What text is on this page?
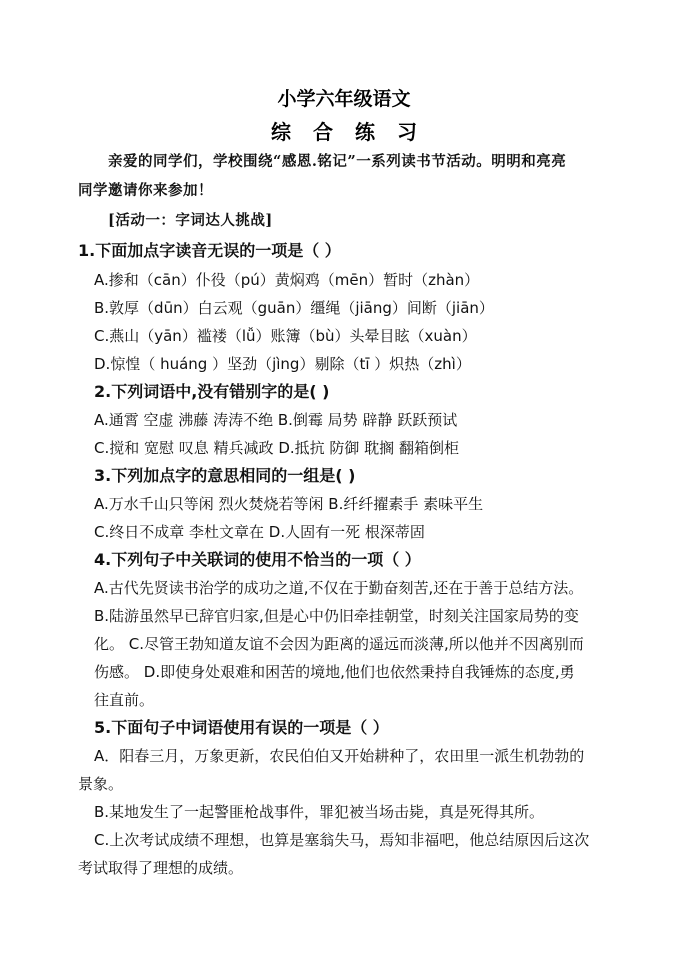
小学六年级语文
综合练习
亲爱的同学们，学校围绕“感恩.铭记”一系列读书节活动。明明和亮亮
同学邀请你来参加！
[活动一：字词达人挑战]
1.下面加点字读音无误的一项是（ ）
A.掺和（cān）仆役（pú）黄焖鸡（mēn）暂时（zhàn）
B.敦厚（dūn）白云观（guān）缰绳（jiāng）间断（jiān）
C.燕山（yān）褴褛（lǚ）账簿（bù）头晕目眩（xuàn）
D.惊惶（ huáng ）坚劲（jìng）剔除（tī ）炽热（zhì）
2.下列词语中,没有错别字的是( )
A.通霄 空虚 沸藤 涛涛不绝 B.倒霉 局势 辟静 跃跃预试
C.搅和 宽慰 叹息 精兵减政 D.抵抗 防御 耽搁 翻箱倒柜
3.下列加点字的意思相同的一组是( )
A.万水千山只等闲 烈火焚烧若等闲 B.纤纤擢素手 素味平生
C.终日不成章 李杜文章在 D.人固有一死 根深蒂固
4.下列句子中关联词的使用不恰当的一项（ ）
A.古代先贤读书治学的成功之道,不仅在于勤奋刻苦,还在于善于总结方法。
B.陆游虽然早已辞官归家,但是心中仍旧牵挂朝堂，时刻关注国家局势的变
化。 C.尽管王勃知道友谊不会因为距离的遥远而淡薄,所以他并不因离别而
伤感。 D.即使身处艰难和困苦的境地,他们也依然秉持自我锤炼的态度,勇
往直前。
5.下面句子中词语使用有误的一项是（ ）
A．阳春三月，万象更新，农民伯伯又开始耕种了，农田里一派生机勃勃的
景象。
B.某地发生了一起警匪枪战事件，罪犯被当场击毙，真是死得其所。
C.上次考试成绩不理想，也算是塞翁失马，焉知非福吧，他总结原因后这次
考试取得了理想的成绩。
